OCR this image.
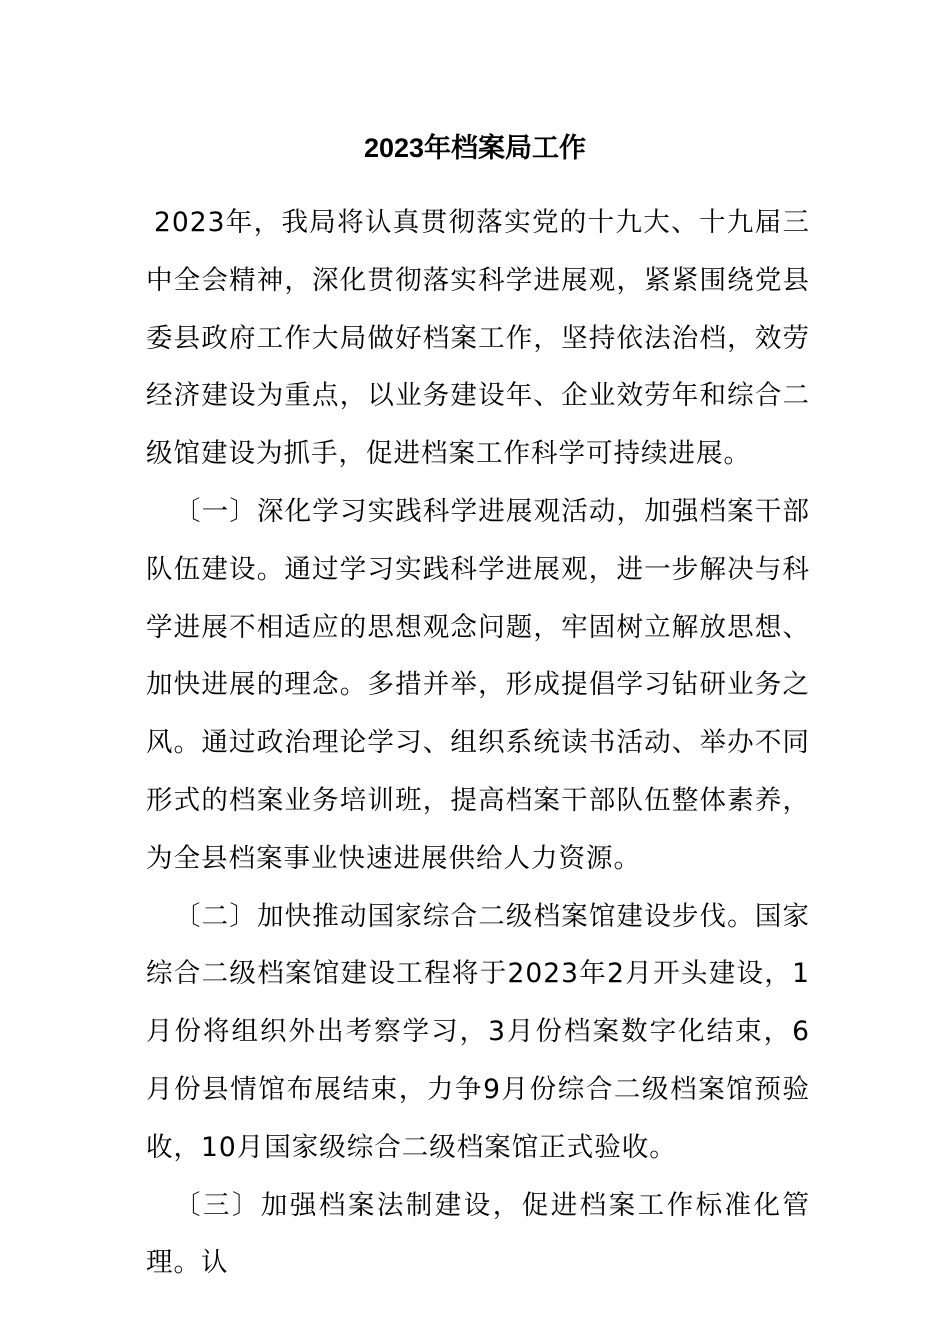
2023年档案局工作

2023年，我局将认真贯彻落实党的十九大、十九届三中全会精神，深化贯彻落实科学进展观，紧紧围绕党县委县政府工作大局做好档案工作，坚持依法治档，效劳经济建设为重点，以业务建设年、企业效劳年和综合二级馆建设为抓手，促进档案工作科学可持续进展。

〔一〕深化学习实践科学进展观活动，加强档案干部队伍建设。通过学习实践科学进展观，进一步解决与科学进展不相适应的思想观念问题，牢固树立解放思想、加快进展的理念。多措并举，形成提倡学习钻研业务之风。通过政治理论学习、组织系统读书活动、举办不同形式的档案业务培训班，提高档案干部队伍整体素养，为全县档案事业快速进展供给人力资源。

〔二〕加快推动国家综合二级档案馆建设步伐。国家综合二级档案馆建设工程将于2023年2月开头建设，1月份将组织外出考察学习，3月份档案数字化结束，6月份县情馆布展结束，力争9月份综合二级档案馆预验收，10月国家级综合二级档案馆正式验收。

〔三〕加强档案法制建设，促进档案工作标准化管理。认
